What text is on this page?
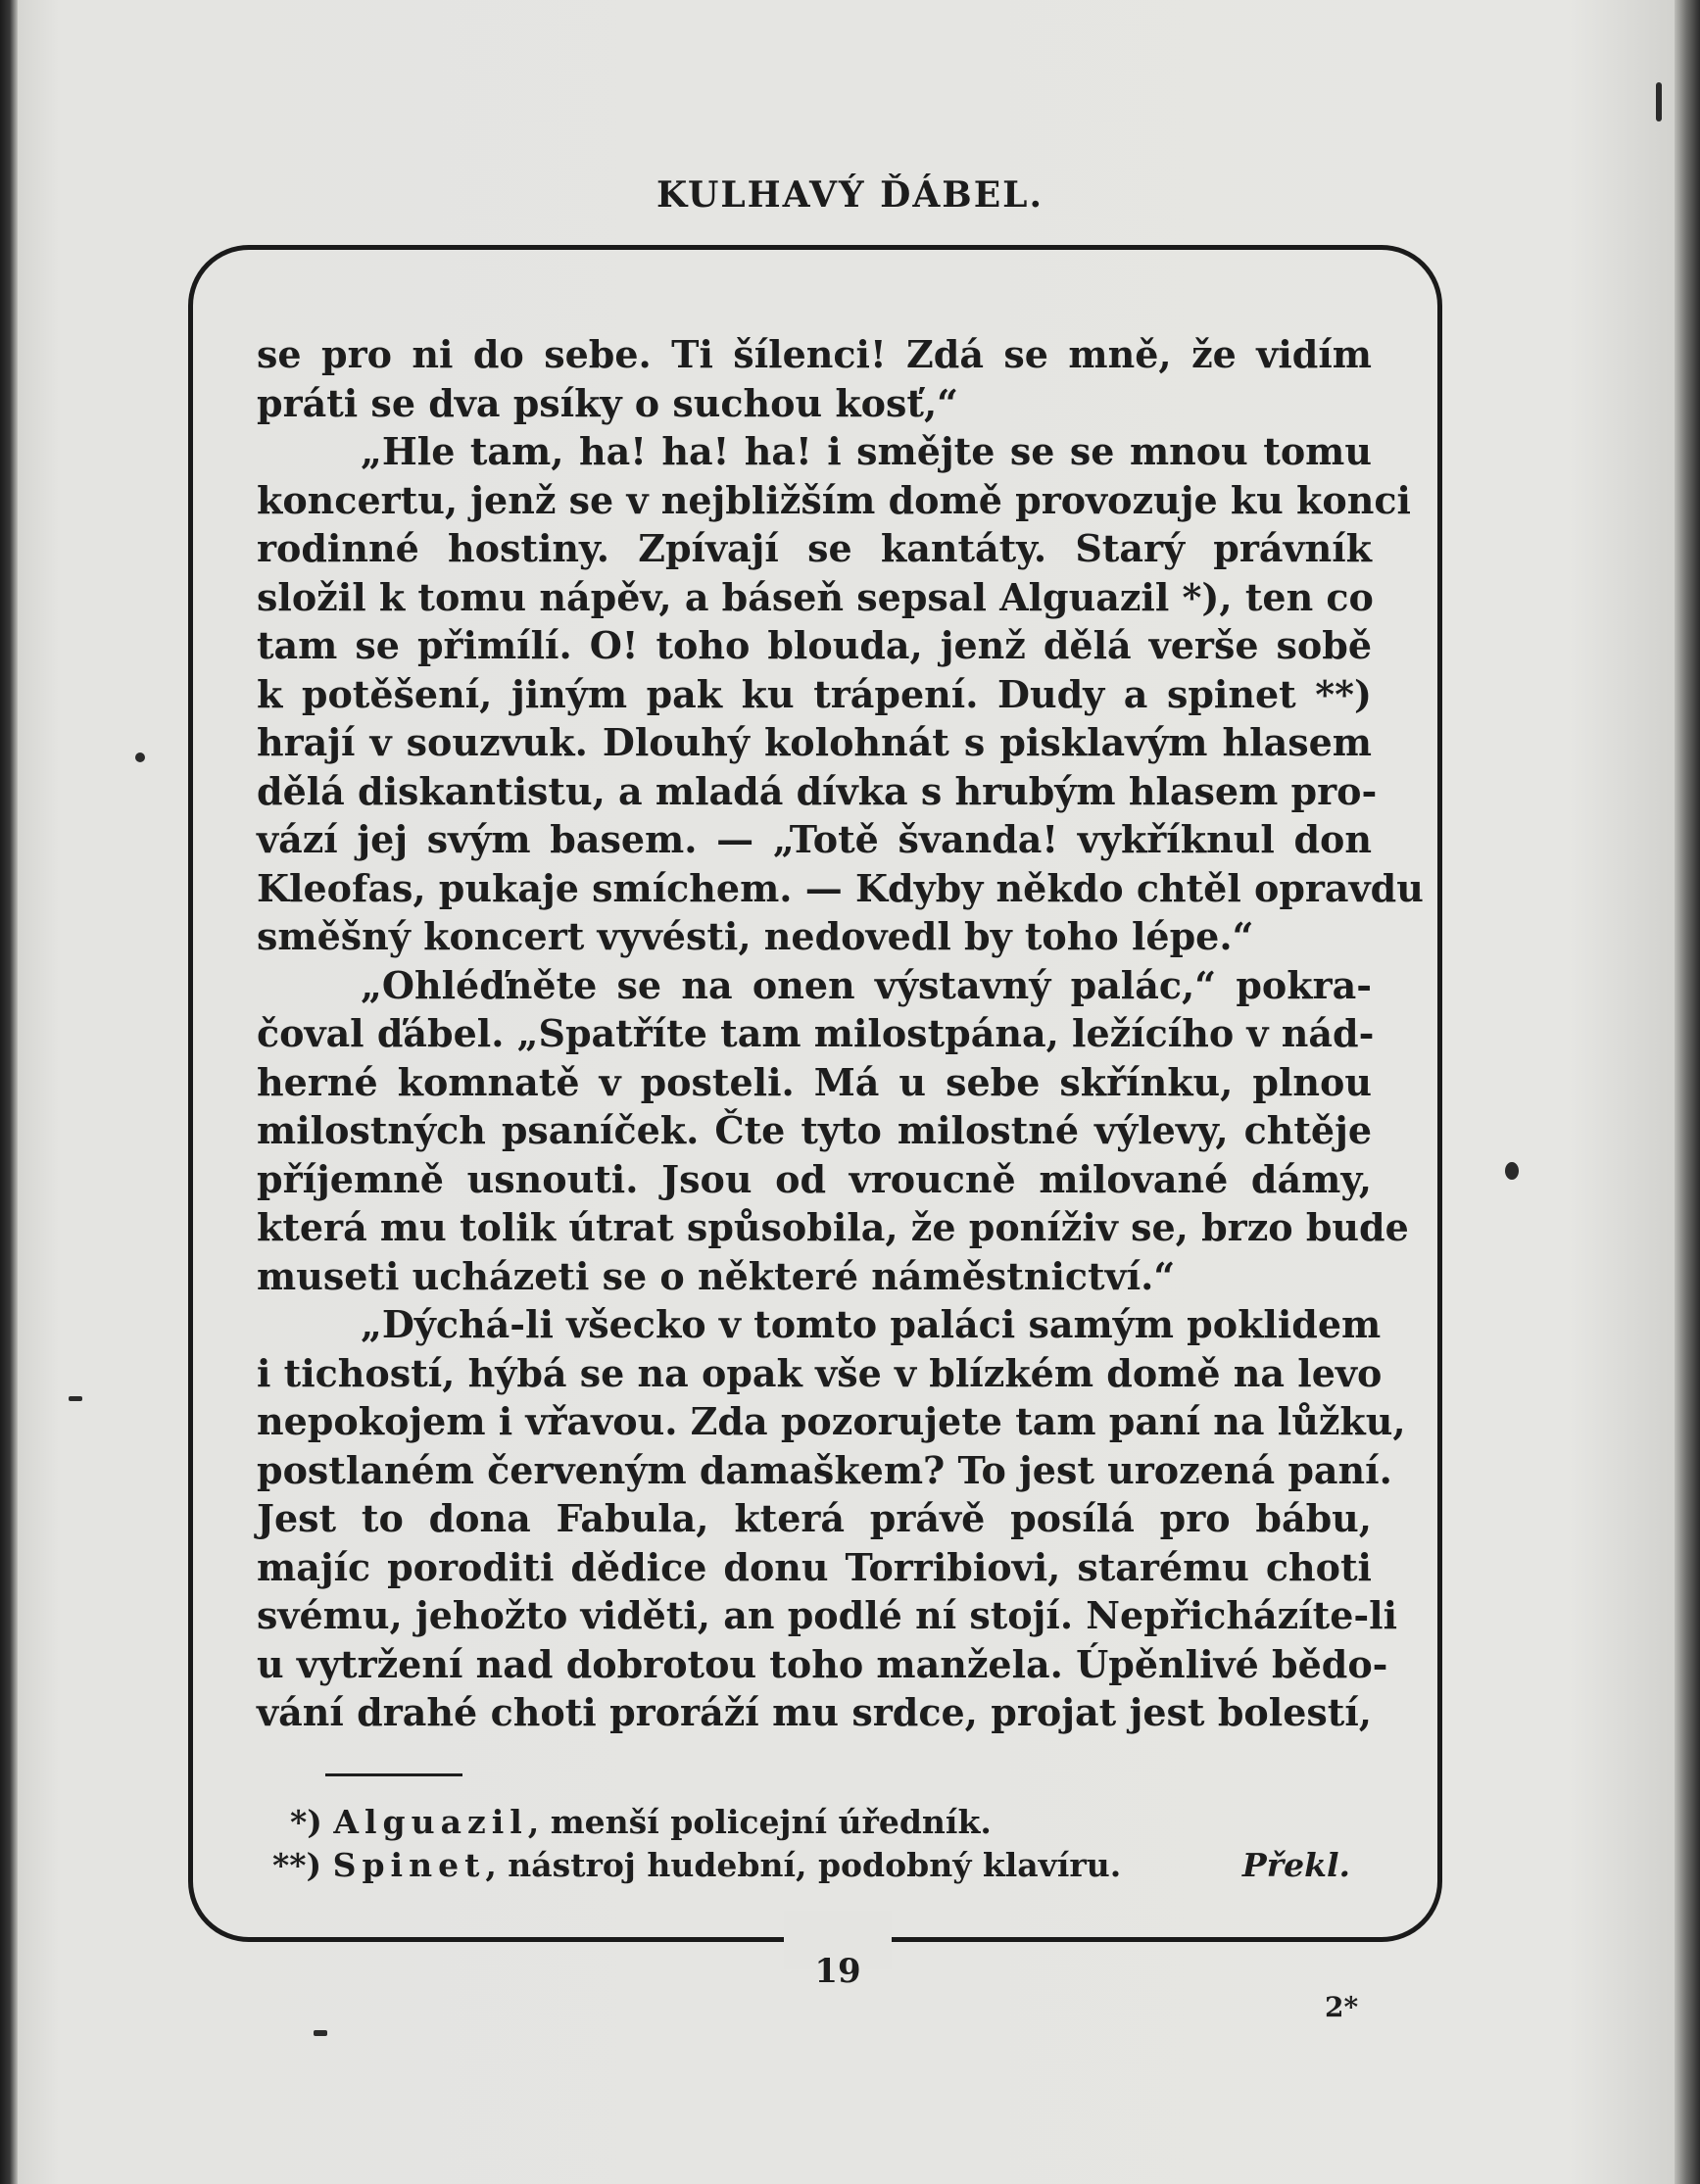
KULHAVÝ ĎÁBEL.
se pro ni do sebe. Ti šílenci! Zdá se mně, že vidím
práti se dva psíky o suchou kosť,“
„Hle tam, ha! ha! ha! i smějte se se mnou tomu
koncertu, jenž se v nejbližším domě provozuje ku konci
rodinné hostiny. Zpívají se kantáty. Starý právník
složil k tomu nápěv, a báseň sepsal Alguazil *), ten co
tam se přimílí. O! toho blouda, jenž dělá verše sobě
k potěšení, jiným pak ku trápení. Dudy a spinet **)
hrají v souzvuk. Dlouhý kolohnát s pisklavým hlasem
dělá diskantistu, a mladá dívka s hrubým hlasem pro-
vází jej svým basem. — „Totě švanda! vykříknul don
Kleofas, pukaje smíchem. — Kdyby někdo chtěl opravdu
směšný koncert vyvésti, nedovedl by toho lépe.“
„Ohléďněte se na onen výstavný palác,“ pokra-
čoval ďábel. „Spatříte tam milostpána, ležícího v nád-
herné komnatě v posteli. Má u sebe skřínku, plnou
milostných psaníček. Čte tyto milostné výlevy, chtěje
příjemně usnouti. Jsou od vroucně milované dámy,
která mu tolik útrat spůsobila, že poníživ se, brzo bude
museti ucházeti se o některé náměstnictví.“
„Dýchá-li všecko v tomto paláci samým poklidem
i tichostí, hýbá se na opak vše v blízkém domě na levo
nepokojem i vřavou. Zda pozorujete tam paní na lůžku,
postlaném červeným damaškem? To jest urozená paní.
Jest to dona Fabula, která právě posílá pro bábu,
majíc poroditi dědice donu Torribiovi, starému choti
svému, jehožto viděti, an podlé ní stojí. Nepřicházíte-li
u vytržení nad dobrotou toho manžela. Úpěnlivé bědo-
vání drahé choti proráží mu srdce, projat jest bolestí,
*) Alguazil, menší policejní úředník.
**) Spinet, nástroj hudební, podobný klavíru.	Překl.
19
2*
